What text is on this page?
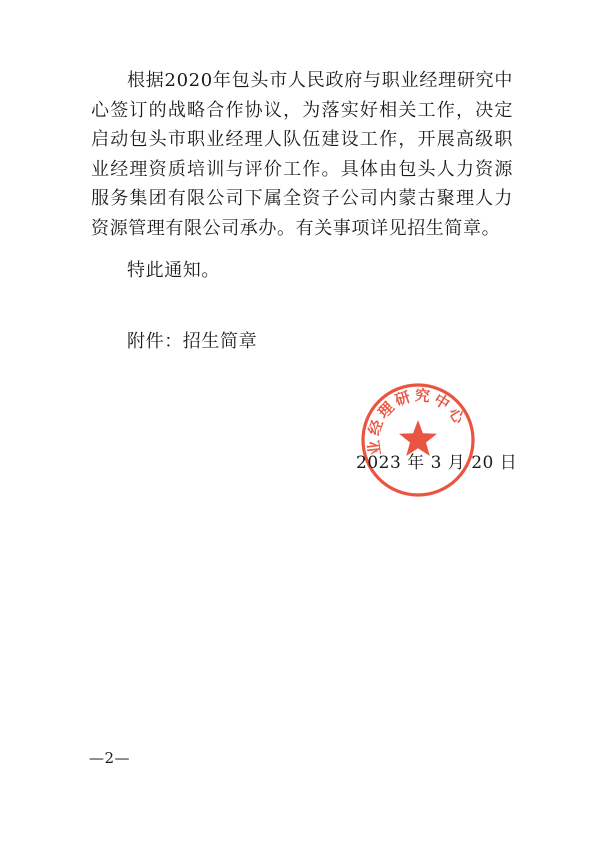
根据2020年包头市人民政府与职业经理研究中心签订的战略合作协议，为落实好相关工作，决定启动包头市职业经理人队伍建设工作，开展高级职业经理资质培训与评价工作。具体由包头人力资源服务集团有限公司下属全资子公司内蒙古聚理人力资源管理有限公司承办。有关事项详见招生简章。

特此通知。

附件：招生简章

业经理研究中心
2023 年 3 月 20 日
—2—
